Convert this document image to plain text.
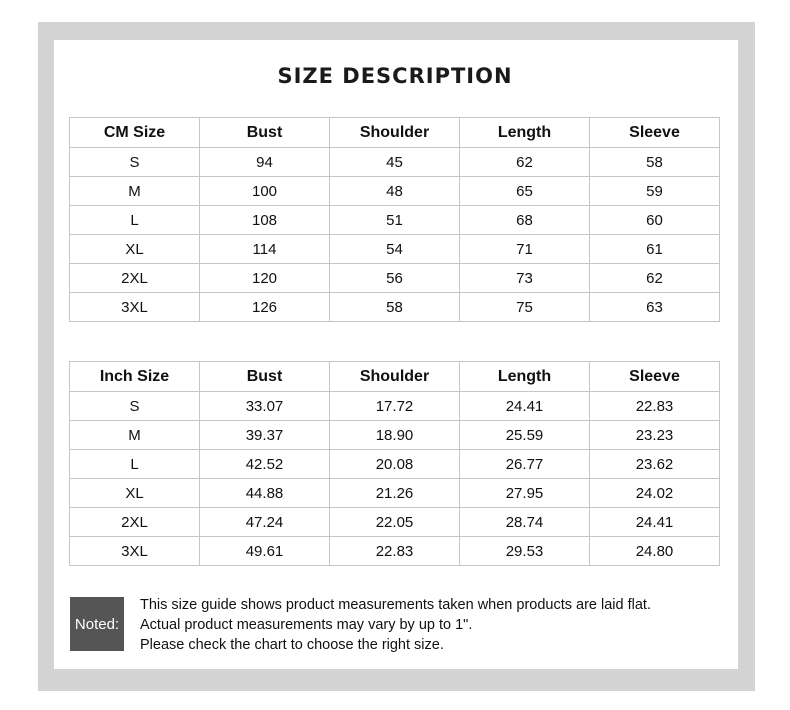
SIZE DESCRIPTION
CM Size	Bust	Shoulder	Length	Sleeve
S	94	45	62	58
M	100	48	65	59
L	108	51	68	60
XL	114	54	71	61
2XL	120	56	73	62
3XL	126	58	75	63
Inch Size	Bust	Shoulder	Length	Sleeve
S	33.07	17.72	24.41	22.83
M	39.37	18.90	25.59	23.23
L	42.52	20.08	26.77	23.62
XL	44.88	21.26	27.95	24.02
2XL	47.24	22.05	28.74	24.41
3XL	49.61	22.83	29.53	24.80
Noted:
This size guide shows product measurements taken when products are laid flat.
Actual product measurements may vary by up to 1".
Please check the chart to choose the right size.
